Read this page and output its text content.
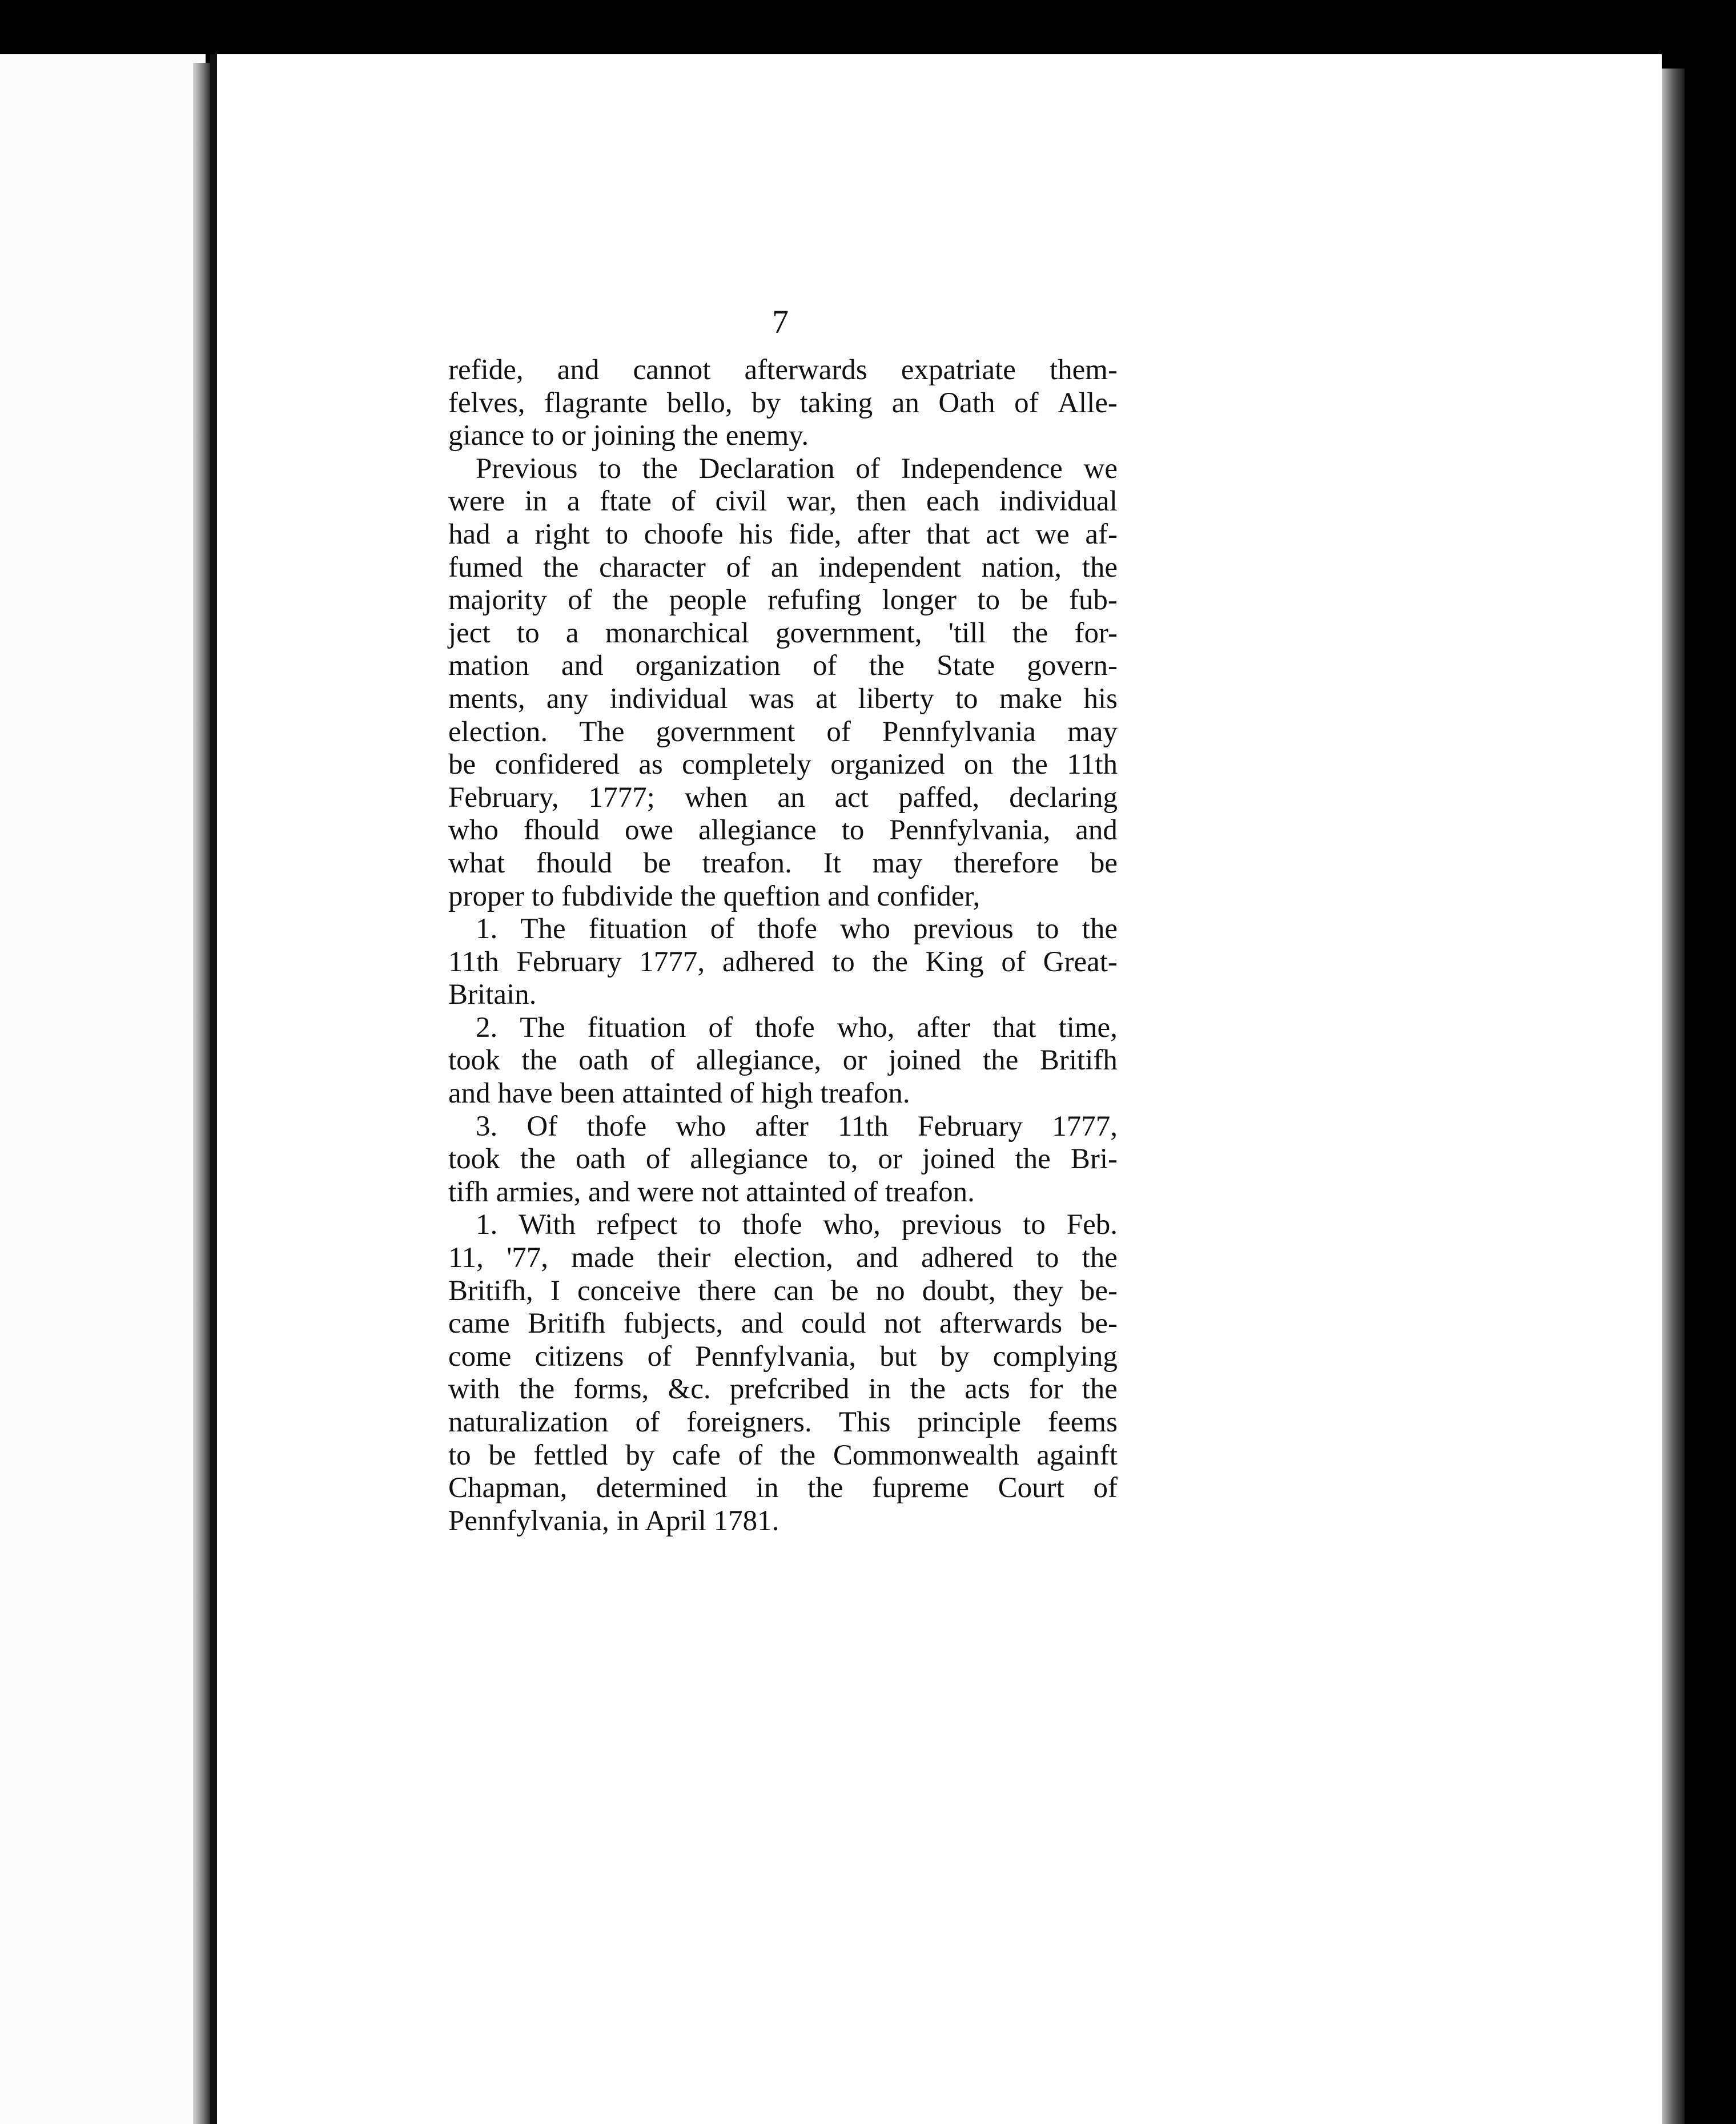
7
refide, and cannot afterwards expatriate them-
felves, flagrante bello, by taking an Oath of Alle-
giance to or joining the enemy.
Previous to the Declaration of Independence we
were in a ftate of civil war, then each individual
had a right to choofe his fide, after that act we af-
fumed the character of an independent nation, the
majority of the people refufing longer to be fub-
ject to a monarchical government, 'till the for-
mation and organization of the State govern-
ments, any individual was at liberty to make his
election. The government of Pennfylvania may
be confidered as completely organized on the 11th
February, 1777; when an act paffed, declaring
who fhould owe allegiance to Pennfylvania, and
what fhould be treafon. It may therefore be
proper to fubdivide the queftion and confider,
1. The fituation of thofe who previous to the
11th February 1777, adhered to the King of Great-
Britain.
2. The fituation of thofe who, after that time,
took the oath of allegiance, or joined the Britifh
and have been attainted of high treafon.
3. Of thofe who after 11th February 1777,
took the oath of allegiance to, or joined the Bri-
tifh armies, and were not attainted of treafon.
1. With refpect to thofe who, previous to Feb.
11, '77, made their election, and adhered to the
Britifh, I conceive there can be no doubt, they be-
came Britifh fubjects, and could not afterwards be-
come citizens of Pennfylvania, but by complying
with the forms, &c. prefcribed in the acts for the
naturalization of foreigners. This principle feems
to be fettled by cafe of the Commonwealth againft
Chapman, determined in the fupreme Court of
Pennfylvania, in April 1781.
